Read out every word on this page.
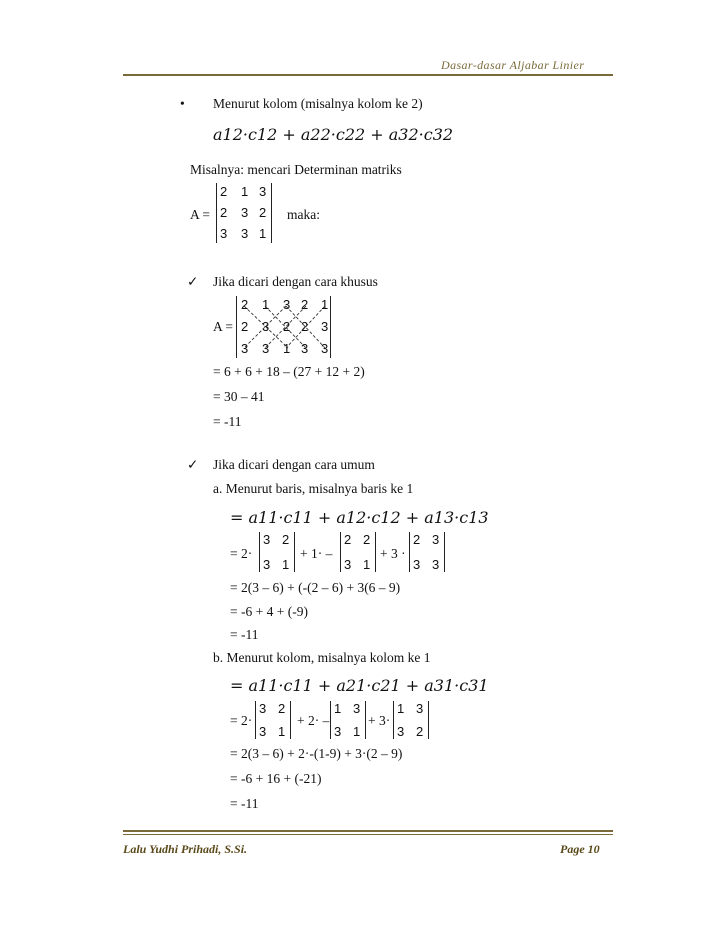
Dasar-dasar Aljabar Linier
• Menurut kolom (misalnya kolom ke 2)
a12·c12 + a22·c22 + a32·c32
Misalnya: mencari Determinan matriks
A =
2 1 3
2 3 2
3 3 1
maka:
✓ Jika dicari dengan cara khusus
A =
2 1 3 2 1
2 3 2 2 3
3 3 1 3 3
= 6 + 6 + 18 – (27 + 12 + 2)
= 30 – 41
= -11
✓ Jika dicari dengan cara umum
a. Menurut baris, misalnya baris ke 1
= a11·c11 + a12·c12 + a13·c13
= 2·
3 2
3 1
+ 1· –
2 2
3 1
+ 3 ·
2 3
3 3
= 2(3 – 6) + (-(2 – 6) + 3(6 – 9)
= -6 + 4 + (-9)
= -11
b. Menurut kolom, misalnya kolom ke 1
= a11·c11 + a21·c21 + a31·c31
= 2·
3 2
3 1
+ 2· –
1 3
3 1
+ 3·
1 3
3 2
= 2(3 – 6) + 2·-(1-9) + 3·(2 – 9)
= -6 + 16 + (-21)
= -11
Lalu Yudhi Prihadi, S.Si.	Page 10
